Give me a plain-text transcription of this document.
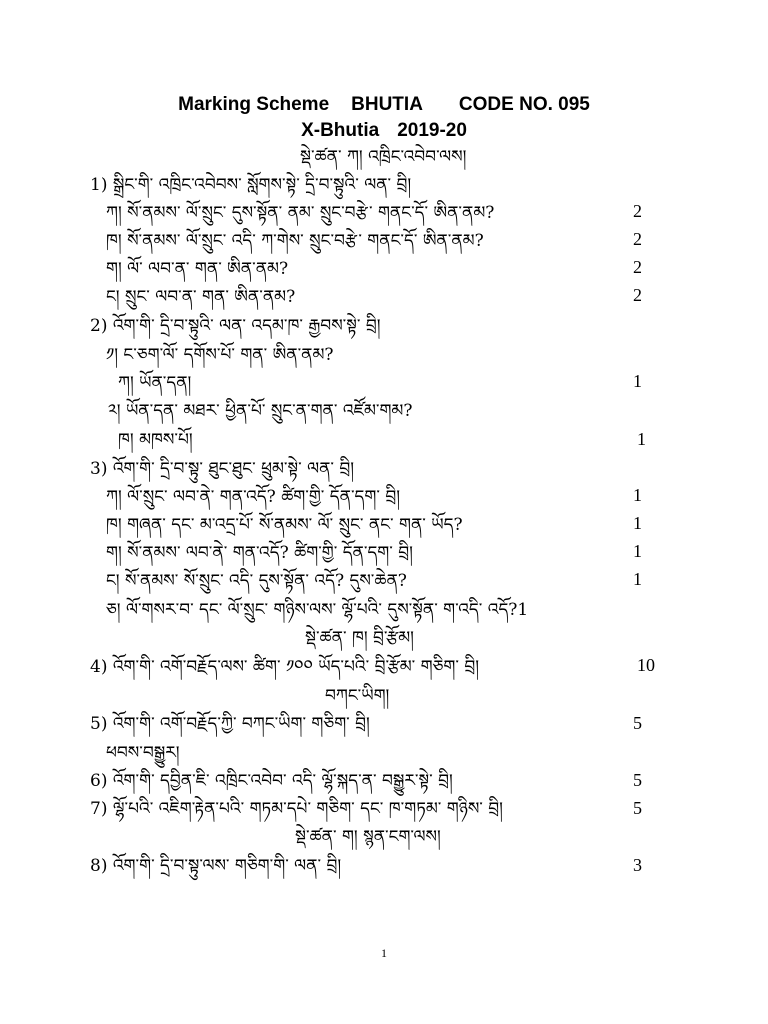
Marking Scheme BHUTIA CODE NO. 095
X-Bhutia 2019-20
སྡེ་ཚན་ ཀ། འཁྲིང་འབེབ་ལས།
1) སྒྲིང་གི་ འཁྲིང་འབེབས་ སློགས་སྟེ་ དྲི་བ་སྟུའི་ ལན་ བྲི།
ཀ། སོ་ནམས་ ལོ་སྲུང་ དུས་སྟོན་ ནམ་ སྲུང་བརྩེ་ གནང་དོ་ ཨིན་ནམ?	2
ཁ། སོ་ནམས་ ལོ་སྲུང་ འདི་ ཀ་གེས་ སྲུང་བརྩེ་ གནང་དོ་ ཨིན་ནམ?	2
ག། ལོ་ ལབ་ན་ གན་ ཨིན་ནམ?	2
ང། སྲུང་ ལབ་ན་ གན་ ཨིན་ནམ?	2
2) འོག་གི་ དྲི་བ་སྟུའི་ ལན་ འདམ་ཁ་ རྒྱབས་སྟེ་ བྲི།
༡། ང་ཅག་ལོ་ དགོས་པོ་ གན་ ཨིན་ནམ?
ཀ། ཡོན་དན།	1
༢། ཡོན་དན་ མཐར་ ཕྱིན་པོ་ སྲུང་ན་གན་ འཛོམ་གམ?
ཁ། མཁས་པོ།	1
3) འོག་གི་ དྲི་བ་སྟུ་ ཐུང་ཐུང་ ཕྲུམ་སྟེ་ ལན་ བྲི།
ཀ། ལོ་སྲུང་ ལབ་ནེ་ གན་འདོ? ཚིག་གྱི་ དོན་དག་ བྲི།	1
ཁ། གཞན་ དང་ མ་འདྲ་པོ་ སོ་ནམས་ ལོ་ སྲུང་ ནང་ གན་ ཡོད?	1
ག། སོ་ནམས་ ལབ་ནེ་ གན་འདོ? ཚིག་གྱི་ དོན་དག་ བྲི།	1
ང། སོ་ནམས་ སོ་སྲུང་ འདི་ དུས་སྟོན་ འདོ? དུས་ཆེན?	1
ཅ། ལོ་གསར་བ་ དང་ ལོ་སྲུང་ གཉིས་ལས་ ལྷོ་པའི་ དུས་སྟོན་ ག་འདི་ འདོ?1
སྡེ་ཚན་ ཁ། བྲི་རྩོམ།
4) འོག་གི་ འགོ་བརྗོད་ལས་ ཚིག་ ༡༠༠ ཡོད་པའི་ བྲི་རྩོམ་ གཅིག་ བྲི།	10
བཀང་ཡིག།
5) འོག་གི་ འགོ་བརྗོད་ཀྱི་ བཀང་ཡིག་ གཅིག་ བྲི།	5
ཕབས་བསྒྱུར།
6) འོག་གི་ དབྱིན་ཇི་ འཁྲིང་འབེབ་ འདི་ ལྷོ་སྐད་ན་ བསྒྱུར་སྟེ་ བྲི།	5
7) ལྷོ་པའི་ འཇིག་རྟེན་པའི་ གཏམ་དཔེ་ གཅིག་ དང་ ཁ་གཏམ་ གཉིས་ བྲི།	5
སྡེ་ཚན་ ག། སྙན་ངག་ལས།
8) འོག་གི་ དྲི་བ་སྟུ་ལས་ གཅིག་གི་ ལན་ བྲི།	3
1
